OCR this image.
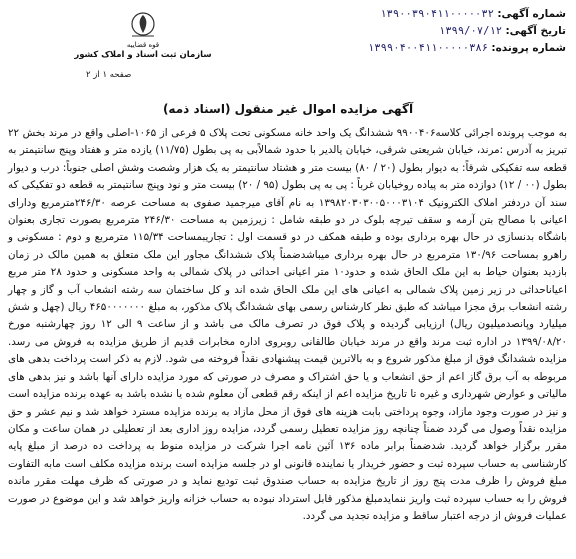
شماره آگهی: ۱۳۹۰۰۳۹۰۴۱۱۰۰۰۰۰۳۲
تاریخ آگهی: ۱۳۹۹/۰۷/۱۲
شماره پرونده: ۱۳۹۹۰۴۰۰۴۱۱۰۰۰۰۰۳۸۶
قوه قضاییه
سازمان ثبت اسناد و املاک کشور
صفحه ۱ از ۲
آگهی مزایده اموال غیر منقول (اسناد ذمه)
به موجب پرونده اجرائی کلاسه۹۹۰۰۴۰۶ ششدانگ یک واحد خانه مسکونی تحت پلاک ۵ فرعی از ۱۰۶۵-اصلی واقع در مرند بخش ۲۲ تبریز به آدرس :مرند، خیابان شریعتی شرقی، خیابان یالدیر با حدود شمالاًبی به پی بطول (۱۱/۷۵) یازده متر و هفتاد وپنج سانتیمتر به قطعه سه تفکیکی شرقاً: به دیوار بطول (۲۰ / ۸۰) بیست متر و هشتاد سانتیمتر به یک هزار وشصت وشش اصلی جنوباً: درب و دیوار بطول (۰۰ / ۱۲) دوازده متر به پیاده روخیابان غرباً : پی به پی بطول (۹۵ / ۲۰) بیست متر و نود وپنج سانتیمتر به قطعه دو تفکیکی که سند آن دردفتر املاک الکترونیک ۱۳۹۸۲۰۳۰۳۰۰۵۰۰۰۳۱۰۴ به نام آقای میرجمید صفوی به مساحت عرصه ۲۴۶/۳۰مترمربع ودارای اعیانی با مصالح بتن آرمه و سقف تیرچه بلوک در دو طبقه شامل : زیرزمین به مساحت ۲۴۶/۳۰ مترمربع بصورت تجاری بعنوان باشگاه بدنسازی در حال بهره برداری بوده و طبقه همکف در دو قسمت اول : تجاریبمساحت ۱۱۵/۳۴ مترمربع و دوم : مسکونی و راهرو بمساحت ۱۳۰/۹۶ مترمربع در حال بهره برداری میباشدضمناً پلاک ششدانگ مجاور این ملک متعلق به همین مالک در زمان بازدید بعنوان حیاط به این ملک الحاق شده و حدود۱۰ متر اعیانی احداثی در پلاک شمالی به واحد مسکونی و حدود ۲۸ متر مربع اعیاناحداثی در زیر زمین پلاک شمالی به اعیانی های این ملک الحاق شده اند و کل ساختمان سه رشته انشعاب آب و گاز و چهار رشته انشعاب برق مجزا میباشد که طبق نظر کارشناس رسمی بهای ششدانگ پلاک مذکور، به مبلغ ۴۶۵۰۰۰۰۰۰۰ ریال (چهل و شش میلیارد وپانصدمیلیون ریال) ارزیابی گردیده و پلاک فوق در تصرف مالک می باشد و از ساعت ۹ الی ۱۲ روز چهارشنبه مورخ ۱۳۹۹/۰۸/۲۰ در اداره ثبت مرند واقع در مرند خیابان طالقانی روبروی اداره مخابرات قدیم از طریق مزایده به فروش می رسد. مزایده ششدانگ فوق از مبلغ مذکور شروع و به بالاترین قیمت پیشنهادی نقداً فروخته می شود. لازم به ذکر است پرداخت بدهی های مربوطه به آب برق گاز اعم از حق انشعاب و یا حق اشتراک و مصرف در صورتی که مورد مزایده دارای آنها باشد و نیز بدهی های مالیاتی و عوارض شهرداری و غیره تا تاریخ مزایده اعم از اینکه رقم قطعی آن معلوم شده یا نشده باشد به عهده برنده مزایده است و نیز در صورت وجود مازاد، وجوه پرداختی بابت هزینه های فوق از محل مازاد به برنده مزایده مسترد خواهد شد و نیم عشر و حق مزایده نقداً وصول می گردد ضمناً چنانچه روز مزایده تعطیل رسمی گردد، مزایده روز اداری بعد از تعطیلی در همان ساعت و مکان مقرر برگزار خواهد گردید. شدضمناً برابر ماده ۱۳۶ آئین نامه اجرا شرکت در مزایده منوط به پرداخت ده درصد از مبلغ پایه کارشناسی به حساب سپرده ثبت و حضور خریدار یا نماینده قانونی او در جلسه مزایده است برنده مزایده مکلف است مابه التفاوت مبلغ فروش را ظرف مدت پنج روز از تاریخ مزایده به حساب صندوق ثبت تودیع نماید و در صورتی که ظرف مهلت مقرر مانده فروش را به حساب سپرده ثبت واریز ننمایدمبلغ مذکور قابل استرداد نبوده به حساب خزانه واریز خواهد شد و این موضوع در صورت عملیات فروش از درجه اعتبار ساقط و مزایده تجدید می گردد.
